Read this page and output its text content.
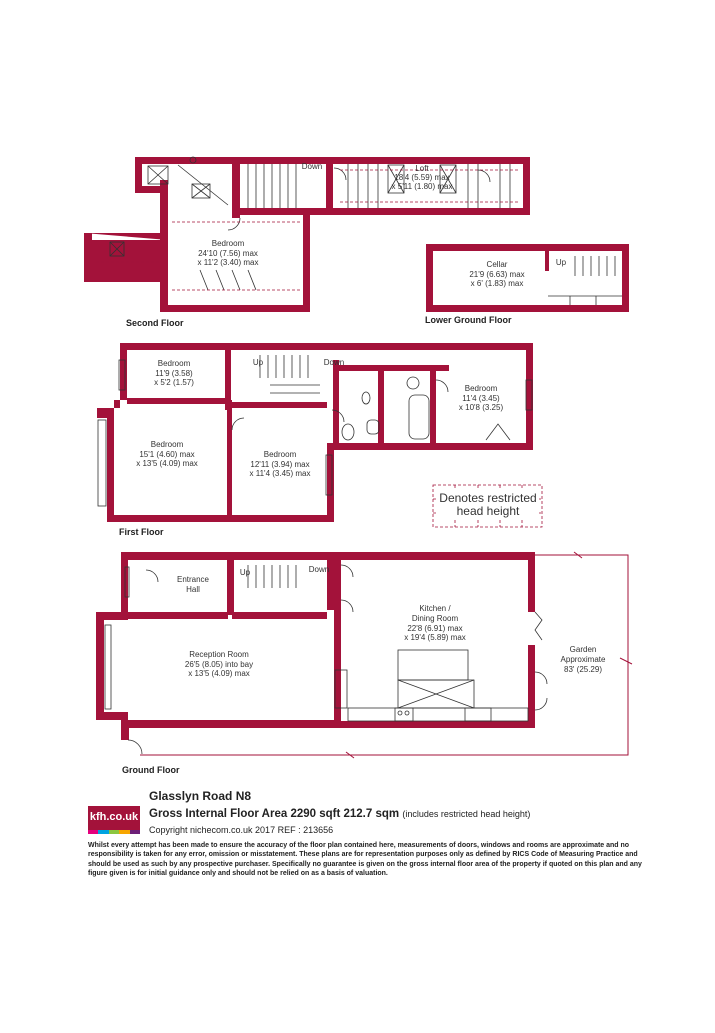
Down	Loft
18'4 (5.59) max
x 5'11 (1.80) max
Bedroom
24'10 (7.56) max
x 11'2 (3.40) max
Second Floor
Up
Cellar
21'9 (6.63) max
x 6' (1.83) max
Lower Ground Floor
Up	Down
Bedroom
11'9 (3.58)
x 5'2 (1.57)
Bedroom
15'1 (4.60) max
x 13'5 (4.09) max
Bedroom
12'11 (3.94) max
x 11'4 (3.45) max
Bedroom
11'4 (3.45)
x 10'8 (3.25)
First Floor
Denotes restricted
head height
Up	Down
Entrance
Hall
Reception Room
26'5 (8.05) into bay
x 13'5 (4.09) max
Kitchen /
Dining Room
22'8 (6.91) max
x 19'4 (5.89) max
Garden
Approximate
83' (25.29)
Ground Floor
kfh.co.uk
Glasslyn Road N8
Gross Internal Floor Area 2290 sqft 212.7 sqm (includes restricted head height)
Copyright nichecom.co.uk 2017 REF : 213656
Whilst every attempt has been made to ensure the accuracy of the floor plan contained here, measurements of doors, windows and rooms are approximate and no responsibility is taken for any error, omission or misstatement. These plans are for representation purposes only as defined by RICS Code of Measuring Practice and should be used as such by any prospective purchaser. Specifically no guarantee is given on the gross internal floor area of the property if quoted on this plan and any figure given is for initial guidance only and should not be relied on as a basis of valuation.
